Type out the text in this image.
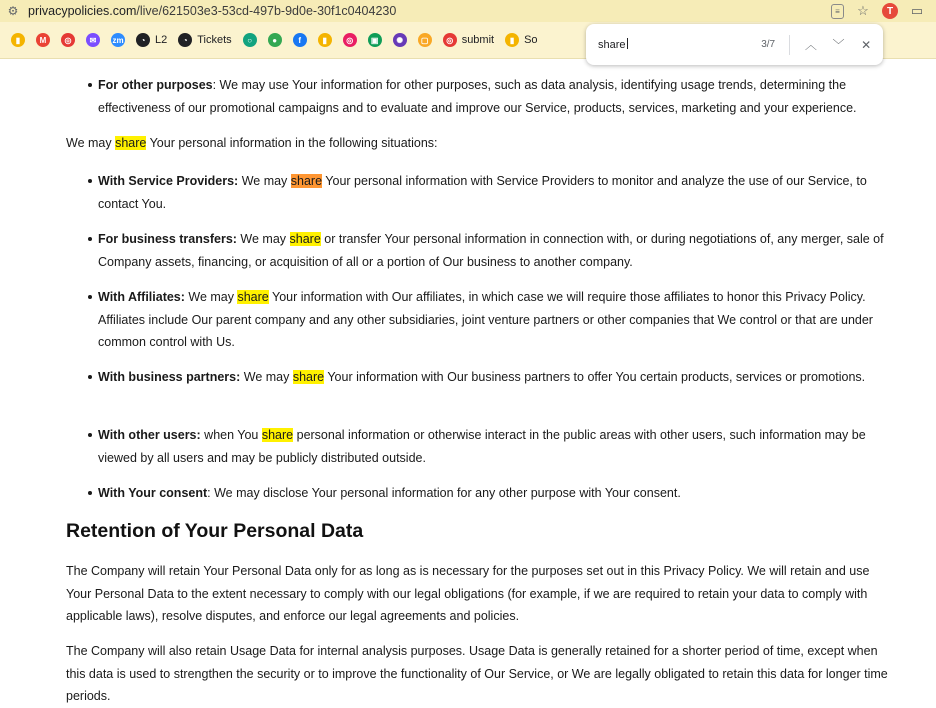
⚙ privacypolicies.com/live/621503e3-53cd-497b-9d0e-30f1c0404230	≡	☆	T	▭
▮	M	◎	✉	zm	◔ L2	◔ Tickets	○	●	f	▮	◎	▣	✺	▢	◎ submit	▮ So	share	3/7	︿	﹀	✕
For other purposes: We may use Your information for other purposes, such as data analysis, identifying usage trends, determining the effectiveness of our promotional campaigns and to evaluate and improve our Service, products, services, marketing and your experience.
We may share Your personal information in the following situations:
With Service Providers: We may share Your personal information with Service Providers to monitor and analyze the use of our Service, to contact You.
For business transfers: We may share or transfer Your personal information in connection with, or during negotiations of, any merger, sale of Company assets, financing, or acquisition of all or a portion of Our business to another company.
With Affiliates: We may share Your information with Our affiliates, in which case we will require those affiliates to honor this Privacy Policy. Affiliates include Our parent company and any other subsidiaries, joint venture partners or other companies that We control or that are under common control with Us.
With business partners: We may share Your information with Our business partners to offer You certain products, services or promotions.
With other users: when You share personal information or otherwise interact in the public areas with other users, such information may be viewed by all users and may be publicly distributed outside.
With Your consent: We may disclose Your personal information for any other purpose with Your consent.
Retention of Your Personal Data
The Company will retain Your Personal Data only for as long as is necessary for the purposes set out in this Privacy Policy. We will retain and use Your Personal Data to the extent necessary to comply with our legal obligations (for example, if we are required to retain your data to comply with applicable laws), resolve disputes, and enforce our legal agreements and policies.
The Company will also retain Usage Data for internal analysis purposes. Usage Data is generally retained for a shorter period of time, except when this data is used to strengthen the security or to improve the functionality of Our Service, or We are legally obligated to retain this data for longer time periods.
